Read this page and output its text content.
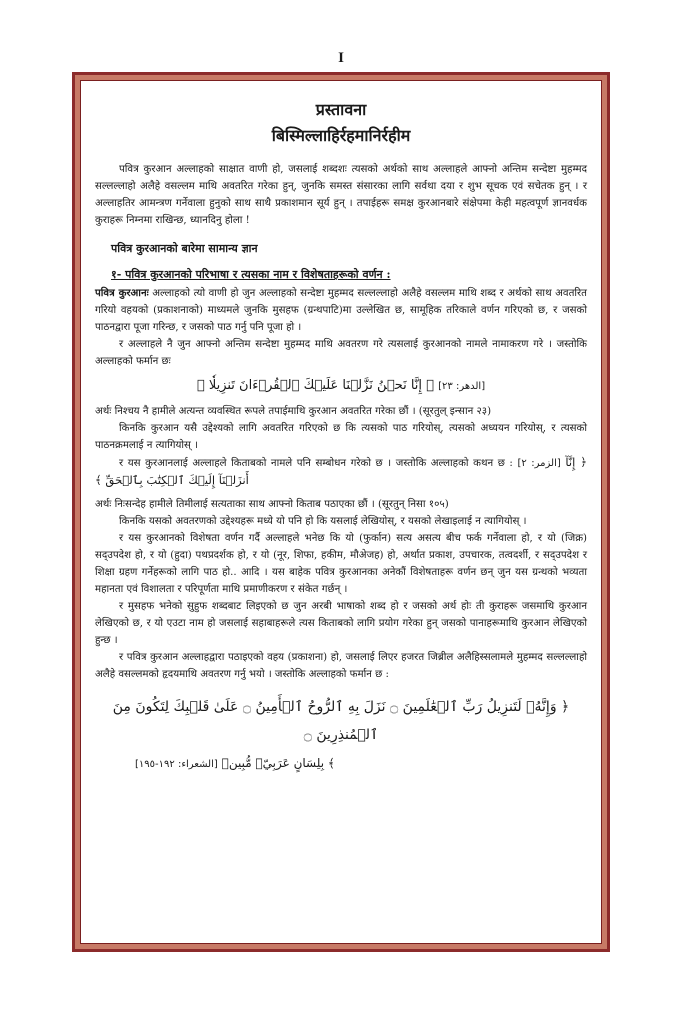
I
प्रस्तावना
बिस्मिल्लाहिर्रहमानिर्रहीम

पवित्र कुरआन अल्लाहको साक्षात वाणी हो, जसलाई शब्दशः त्यसको अर्थको साथ अल्लाहले आफ्नो अन्तिम सन्देष्टा मुहम्मद सल्लल्लाहो अलैहे वसल्लम माथि अवतरित गरेका हुन्, जुनकि समस्त संसारका लागि सर्वथा दया र शुभ सूचक एवं सचेतक हुन् । र अल्लाहतिर आमन्त्रण गर्नेवाला हुनुको साथ साथै प्रकाशमान सूर्य हुन् । तपाईहरू समक्ष कुरआनबारे संक्षेपमा केही महत्वपूर्ण ज्ञानवर्धक कुराहरू निम्नमा राखिन्छ, ध्यानदिनु होला !

पवित्र कुरआनको बारेमा सामान्य ज्ञान
१- पवित्र कुरआनको परिभाषा र त्यसका नाम र विशेषताहरूको वर्णन :

पवित्र कुरआनः अल्लाहको त्यो वाणी हो जुन अल्लाहको सन्देष्टा मुहम्मद सल्लल्लाहो अलैहे वसल्लम माथि शब्द र अर्थको साथ अवतरित गरियो वहयको (प्रकाशनाको) माध्यमले जुनकि मुसहफ (ग्रन्थपाटि)मा उल्लेखित छ, सामूहिक तरिकाले वर्णन गरिएको छ, र जसको पाठनद्वारा पूजा गरिन्छ, र जसको पाठ गर्नु पनि पूजा हो ।

र अल्लाहले नै जुन आफ्नो अन्तिम सन्देष्टा मुहम्मद माथि अवतरण गरे त्यसलाई कुरआनको नामले नामाकरण गरे । जस्तोकि अल्लाहको फर्मान छः

[الدهر: ٢٣] ﴿ إِنَّا نَحۡنُ نَزَّلۡنَا عَلَيۡكَ ٱلۡقُرۡءَانَ تَنزِيلٗا ﴾

अर्थः निश्चय नै हामीले अत्यन्त व्यवस्थित रूपले तपाईमाथि कुरआन अवतरित गरेका छौं । (सूरतुल् इन्सान २३)

किनकि कुरआन यसै उद्देश्यको लागि अवतरित गरिएको छ कि त्यसको पाठ गरियोस्, त्यसको अध्ययन गरियोस्, र त्यसको पाठनक्रमलाई न त्यागियोस् ।

र यस कुरआनलाई अल्लाहले किताबको नामले पनि सम्बोधन गरेको छ । जस्तोकि अल्लाहको कथन छ : [الزمر: ٢] ﴿ إِنَّآ أَنزَلۡنَآ إِلَيۡكَ ٱلۡكِتَٰبَ بِٱلۡحَقِّ ﴾

अर्थः निःसन्देह हामीले तिमीलाई सत्यताका साथ आफ्नो किताब पठाएका छौं । (सूरतुन् निसा १०५)

किनकि यसको अवतरणको उद्देश्यहरू मध्ये यो पनि हो कि यसलाई लेखियोस्, र यसको लेखाइलाई न त्यागियोस् ।

र यस कुरआनको विशेषता वर्णन गर्दै अल्लाहले भनेछ कि यो (फुर्कान) सत्य असत्य बीच फर्क गर्नेवाला हो, र यो (जिक्र) सद्उपदेश हो, र यो (हुदा) पथप्रदर्शक हो, र यो (नूर, शिफा, हकीम, मौअेजह) हो, अर्थात प्रकाश, उपचारक, तत्वदर्शी, र सद्उपदेश र शिक्षा ग्रहण गर्नेहरूको लागि पाठ हो.. आदि । यस बाहेक पवित्र कुरआनका अनेकौं विशेषताहरू वर्णन छन् जुन यस ग्रन्थको भव्यता महानता एवं विशालता र परिपूर्णता माथि प्रमाणीकरण र संकेत गर्छन् ।

र मुसहफ भनेको सुहुफ शब्दबाट लिइएको छ जुन अरबी भाषाको शब्द हो र जसको अर्थ होः ती कुराहरू जसमाथि कुरआन लेखिएको छ, र यो एउटा नाम हो जसलाई सहाबाहरूले त्यस किताबको लागि प्रयोग गरेका हुन् जसको पानाहरूमाथि कुरआन लेखिएको हुन्छ ।

र पवित्र कुरआन अल्लाहद्वारा पठाइएको वहय (प्रकाशना) हो, जसलाई लिएर हजरत जिब्रील अलैहिस्सलामले मुहम्मद सल्लल्लाहो अलैहे वसल्लमको हृदयमाथि अवतरण गर्नु भयो । जस्तोकि अल्लाहको फर्मान छ :

﴿ وَإِنَّهُۥ لَتَنزِيلُ رَبِّ ٱلۡعَٰلَمِينَ ۝ نَزَلَ بِهِ ٱلرُّوحُ ٱلۡأَمِينُ ۝ عَلَىٰ قَلۡبِكَ لِتَكُونَ مِنَ ٱلۡمُنذِرِينَ ۝
[الشعراء: ١٩٢-١٩٥] بِلِسَانٍ عَرَبِيّٖ مُّبِينٖ ﴾
